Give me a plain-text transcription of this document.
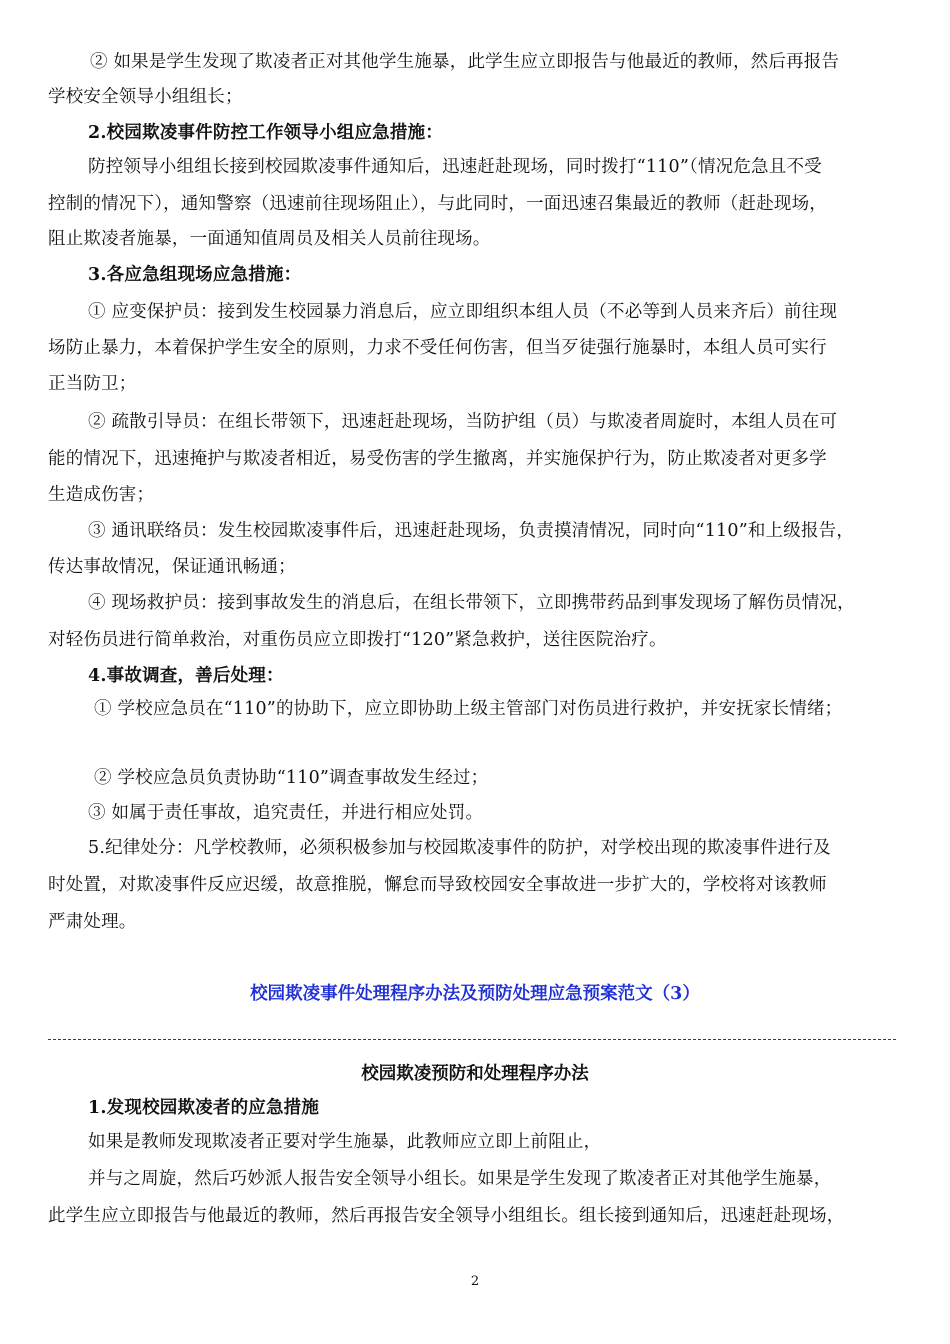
② 如果是学生发现了欺凌者正对其他学生施暴，此学生应立即报告与他最近的教师，然后再报告
学校安全领导小组组长；
2.校园欺凌事件防控工作领导小组应急措施：
防控领导小组组长接到校园欺凌事件通知后，迅速赶赴现场，同时拨打“110”（情况危急且不受
控制的情况下），通知警察（迅速前往现场阻止），与此同时，一面迅速召集最近的教师（赶赴现场，
阻止欺凌者施暴，一面通知值周员及相关人员前往现场。
3.各应急组现场应急措施：
① 应变保护员：接到发生校园暴力消息后，应立即组织本组人员（不必等到人员来齐后）前往现
场防止暴力，本着保护学生安全的原则，力求不受任何伤害，但当歹徒强行施暴时，本组人员可实行
正当防卫；
② 疏散引导员：在组长带领下，迅速赶赴现场，当防护组（员）与欺凌者周旋时，本组人员在可
能的情况下，迅速掩护与欺凌者相近，易受伤害的学生撤离，并实施保护行为，防止欺凌者对更多学
生造成伤害；
③ 通讯联络员：发生校园欺凌事件后，迅速赶赴现场，负责摸清情况，同时向“110”和上级报告，
传达事故情况，保证通讯畅通；
④ 现场救护员：接到事故发生的消息后，在组长带领下，立即携带药品到事发现场了解伤员情况，
对轻伤员进行简单救治，对重伤员应立即拨打“120”紧急救护，送往医院治疗。
4.事故调查，善后处理：
① 学校应急员在“110”的协助下，应立即协助上级主管部门对伤员进行救护，并安抚家长情绪；
② 学校应急员负责协助“110”调查事故发生经过；
③ 如属于责任事故，追究责任，并进行相应处罚。
5.纪律处分：凡学校教师，必须积极参加与校园欺凌事件的防护，对学校出现的欺凌事件进行及
时处置，对欺凌事件反应迟缓，故意推脱，懈怠而导致校园安全事故进一步扩大的，学校将对该教师
严肃处理。
校园欺凌事件处理程序办法及预防处理应急预案范文（3）
校园欺凌预防和处理程序办法
1.发现校园欺凌者的应急措施
如果是教师发现欺凌者正要对学生施暴，此教师应立即上前阻止，
并与之周旋，然后巧妙派人报告安全领导小组长。如果是学生发现了欺凌者正对其他学生施暴，
此学生应立即报告与他最近的教师，然后再报告安全领导小组组长。组长接到通知后，迅速赶赴现场，
2
